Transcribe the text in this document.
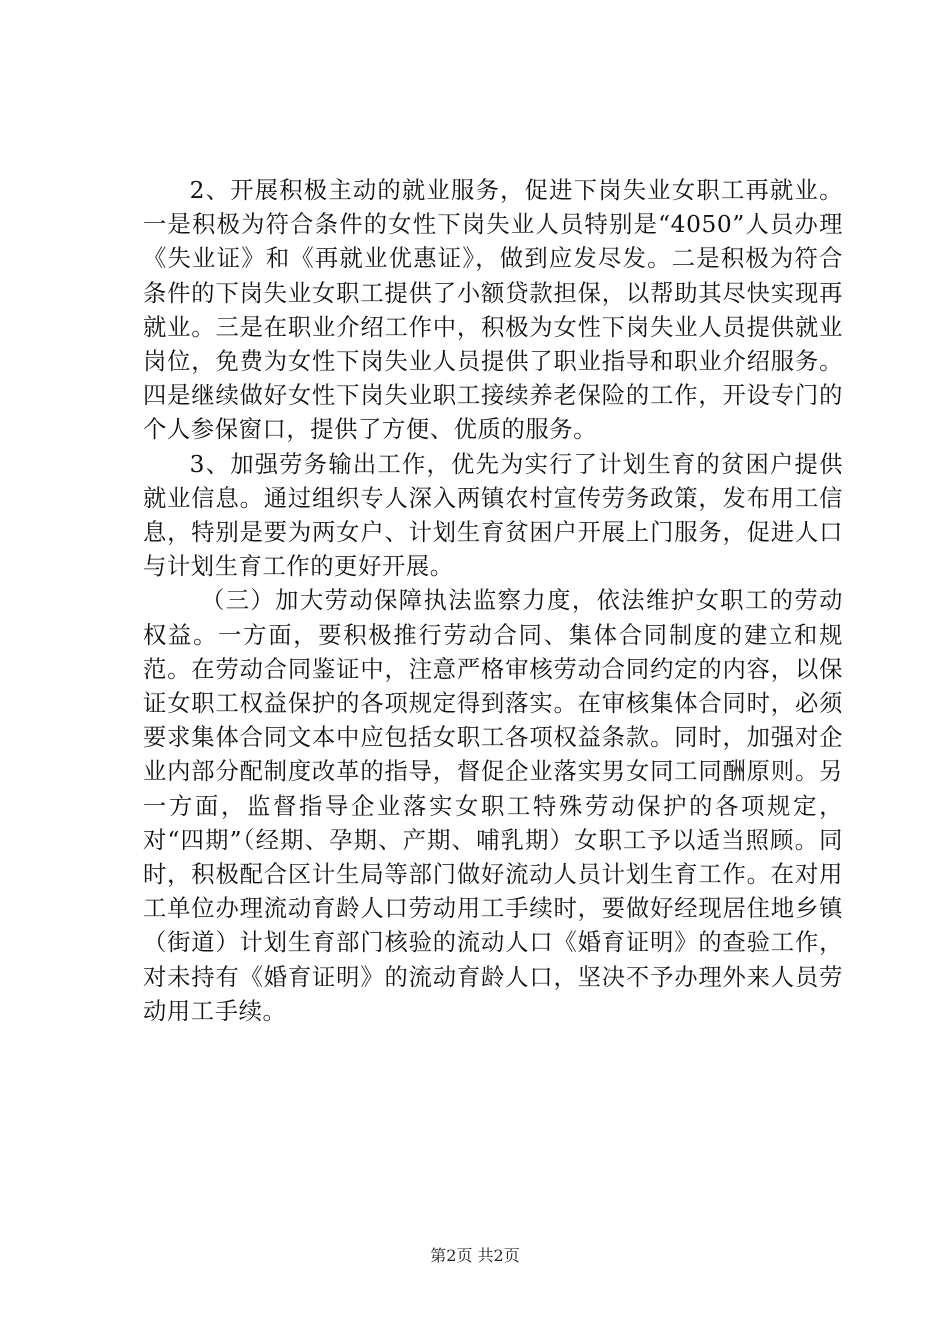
2、开展积极主动的就业服务，促进下岗失业女职工再就业。一是积极为符合条件的女性下岗失业人员特别是“4050”人员办理《失业证》和《再就业优惠证》，做到应发尽发。二是积极为符合条件的下岗失业女职工提供了小额贷款担保，以帮助其尽快实现再就业。三是在职业介绍工作中，积极为女性下岗失业人员提供就业岗位，免费为女性下岗失业人员提供了职业指导和职业介绍服务。四是继续做好女性下岗失业职工接续养老保险的工作，开设专门的个人参保窗口，提供了方便、优质的服务。

3、加强劳务输出工作，优先为实行了计划生育的贫困户提供就业信息。通过组织专人深入两镇农村宣传劳务政策，发布用工信息，特别是要为两女户、计划生育贫困户开展上门服务，促进人口与计划生育工作的更好开展。

（三）加大劳动保障执法监察力度，依法维护女职工的劳动权益。一方面，要积极推行劳动合同、集体合同制度的建立和规范。在劳动合同鉴证中，注意严格审核劳动合同约定的内容，以保证女职工权益保护的各项规定得到落实。在审核集体合同时，必须要求集体合同文本中应包括女职工各项权益条款。同时，加强对企业内部分配制度改革的指导，督促企业落实男女同工同酬原则。另一方面，监督指导企业落实女职工特殊劳动保护的各项规定，对“四期”（经期、孕期、产期、哺乳期）女职工予以适当照顾。同时，积极配合区计生局等部门做好流动人员计划生育工作。在对用工单位办理流动育龄人口劳动用工手续时，要做好经现居住地乡镇（街道）计划生育部门核验的流动人口《婚育证明》的查验工作，对未持有《婚育证明》的流动育龄人口，坚决不予办理外来人员劳动用工手续。

第2页 共2页
